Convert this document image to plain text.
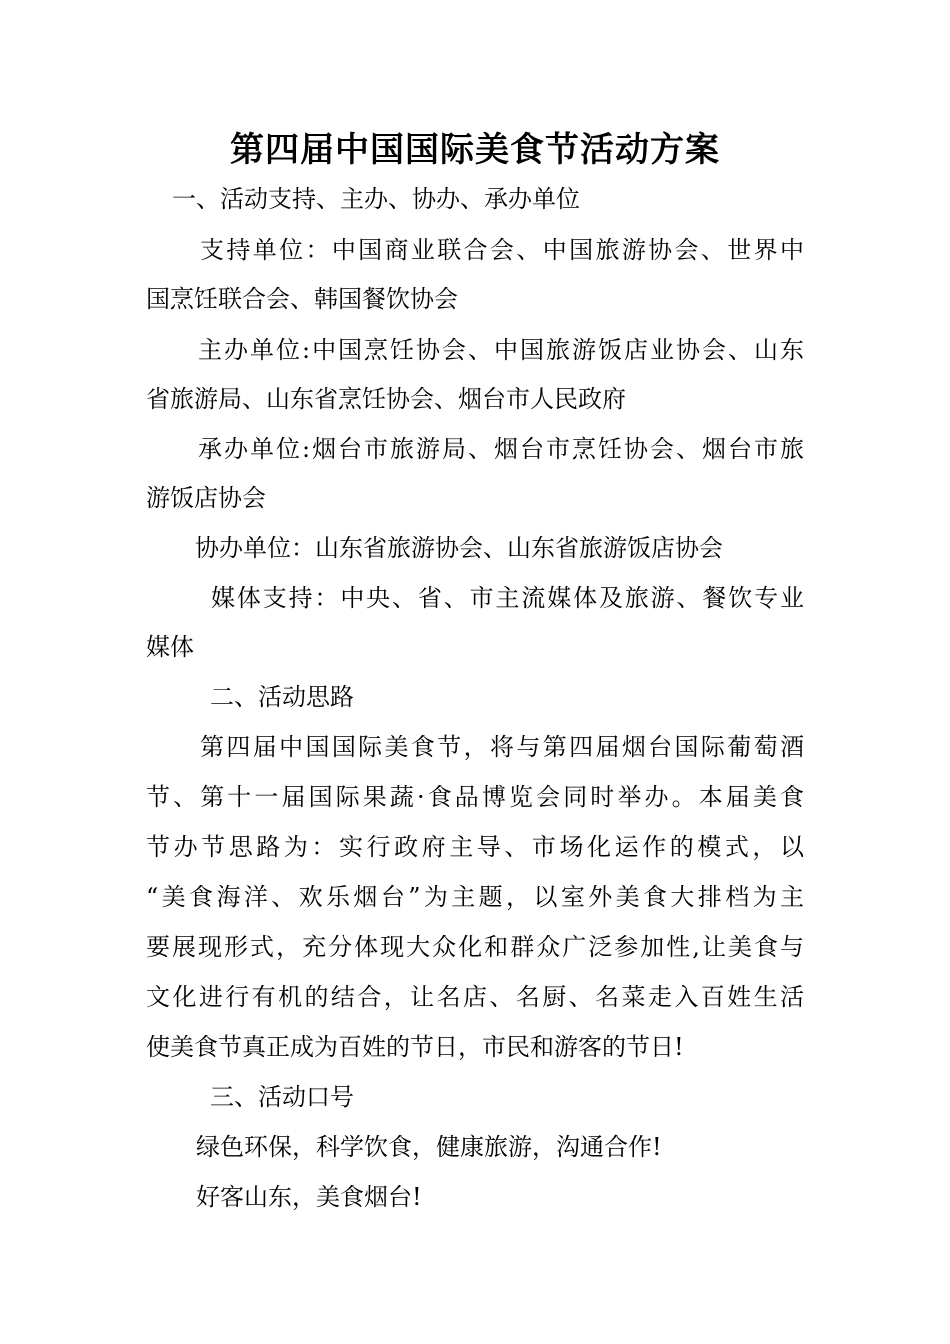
第四届中国国际美食节活动方案

一、活动支持、主办、协办、承办单位

支持单位：中国商业联合会、中国旅游协会、世界中

国烹饪联合会、韩国餐饮协会

主办单位:中国烹饪协会、中国旅游饭店业协会、山东

省旅游局、山东省烹饪协会、烟台市人民政府

承办单位:烟台市旅游局、烟台市烹饪协会、烟台市旅

游饭店协会

协办单位：山东省旅游协会、山东省旅游饭店协会

媒体支持：中央、省、市主流媒体及旅游、餐饮专业

媒体

二、活动思路

第四届中国国际美食节，将与第四届烟台国际葡萄酒

节、第十一届国际果蔬·食品博览会同时举办。本届美食

节办节思路为：实行政府主导、市场化运作的模式，以

“美食海洋、欢乐烟台”为主题，以室外美食大排档为主

要展现形式，充分体现大众化和群众广泛参加性,让美食与

文化进行有机的结合，让名店、名厨、名菜走入百姓生活

使美食节真正成为百姓的节日，市民和游客的节日!

三、活动口号

绿色环保，科学饮食，健康旅游，沟通合作!

好客山东，美食烟台!
